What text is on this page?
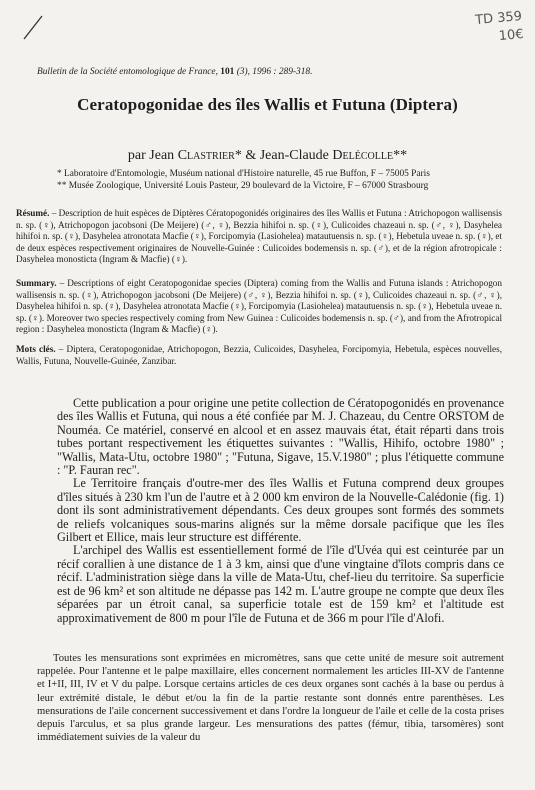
TD 359
10€
Bulletin de la Société entomologique de France, 101 (3), 1996 : 289-318.
Ceratopogonidae des îles Wallis et Futuna (Diptera)
par Jean Clastrier* & Jean-Claude Delécolle**
* Laboratoire d'Entomologie, Muséum national d'Histoire naturelle, 45 rue Buffon, F – 75005 Paris
** Musée Zoologique, Université Louis Pasteur, 29 boulevard de la Victoire, F – 67000 Strasbourg
Résumé. – Description de huit espèces de Diptères Cératopogonidés originaires des îles Wallis et Futuna : Atrichopogon wallisensis n. sp. (♀), Atrichopogon jacobsoni (De Meijere) (♂, ♀), Bezzia hihifoi n. sp. (♀), Culicoides chazeaui n. sp. (♂, ♀), Dasyhelea hihifoi n. sp. (♀), Dasyhelea atronotata Macfie (♀), Forcipomyia (Lasiohelea) matautuensis n. sp. (♀), Hebetula uveae n. sp. (♀), et de deux espèces respectivement originaires de Nouvelle-Guinée : Culicoides bodemensis n. sp. (♂), et de la région afrotropicale : Dasyhelea monosticta (Ingram & Macfie) (♀).
Summary. – Descriptions of eight Ceratopogonidae species (Diptera) coming from the Wallis and Futuna islands : Atrichopogon wallisensis n. sp. (♀), Atrichopogon jacobsoni (De Meijere) (♂, ♀), Bezzia hihifoi n. sp. (♀), Culicoides chazeaui n. sp. (♂, ♀), Dasyhelea hihifoi n. sp. (♀), Dasyhelea atronotata Macfie (♀), Forcipomyia (Lasiohelea) matautuensis n. sp. (♀), Hebetula uveae n. sp. (♀). Moreover two species respectively coming from New Guinea : Culicoides bodemensis n. sp. (♂), and from the Afrotropical region : Dasyhelea monosticta (Ingram & Macfie) (♀).
Mots clés. – Diptera, Ceratopogonidae, Atrichopogon, Bezzia, Culicoides, Dasyhelea, Forcipomyia, Hebetula, espèces nouvelles, Wallis, Futuna, Nouvelle-Guinée, Zanzibar.

Cette publication a pour origine une petite collection de Cératopogonidés en provenance des îles Wallis et Futuna, qui nous a été confiée par M. J. Chazeau, du Centre ORSTOM de Nouméa. Ce matériel, conservé en alcool et en assez mauvais état, était réparti dans trois tubes portant respectivement les étiquettes suivantes : "Wallis, Hihifo, octobre 1980" ; "Wallis, Mata-Utu, octobre 1980" ; "Futuna, Sigave, 15.V.1980" ; plus l'étiquette commune : "P. Fauran rec".

Le Territoire français d'outre-mer des îles Wallis et Futuna comprend deux groupes d'îles situés à 230 km l'un de l'autre et à 2 000 km environ de la Nouvelle-Calédonie (fig. 1) dont ils sont administrativement dépendants. Ces deux groupes sont formés des sommets de reliefs volcaniques sous-marins alignés sur la même dorsale pacifique que les îles Gilbert et Ellice, mais leur structure est différente.

L'archipel des Wallis est essentiellement formé de l'île d'Uvéa qui est ceinturée par un récif corallien à une distance de 1 à 3 km, ainsi que d'une vingtaine d'îlots compris dans ce récif. L'administration siège dans la ville de Mata-Utu, chef-lieu du territoire. Sa superficie est de 96 km² et son altitude ne dépasse pas 142 m. L'autre groupe ne compte que deux îles séparées par un étroit canal, sa superficie totale est de 159 km² et l'altitude est approximativement de 800 m pour l'île de Futuna et de 366 m pour l'île d'Alofi.

Toutes les mensurations sont exprimées en micromètres, sans que cette unité de mesure soit autrement rappelée. Pour l'antenne et le palpe maxillaire, elles concernent normalement les articles III-XV de l'antenne et I+II, III, IV et V du palpe. Lorsque certains articles de ces deux organes sont cachés à la base ou perdus à leur extrémité distale, le début et/ou la fin de la partie restante sont donnés entre parenthèses. Les mensurations de l'aile concernent successivement et dans l'ordre la longueur de l'aile et celle de la costa prises depuis l'arculus, et sa plus grande largeur. Les mensurations des pattes (fémur, tibia, tarsomères) sont immédiatement suivies de la valeur du
